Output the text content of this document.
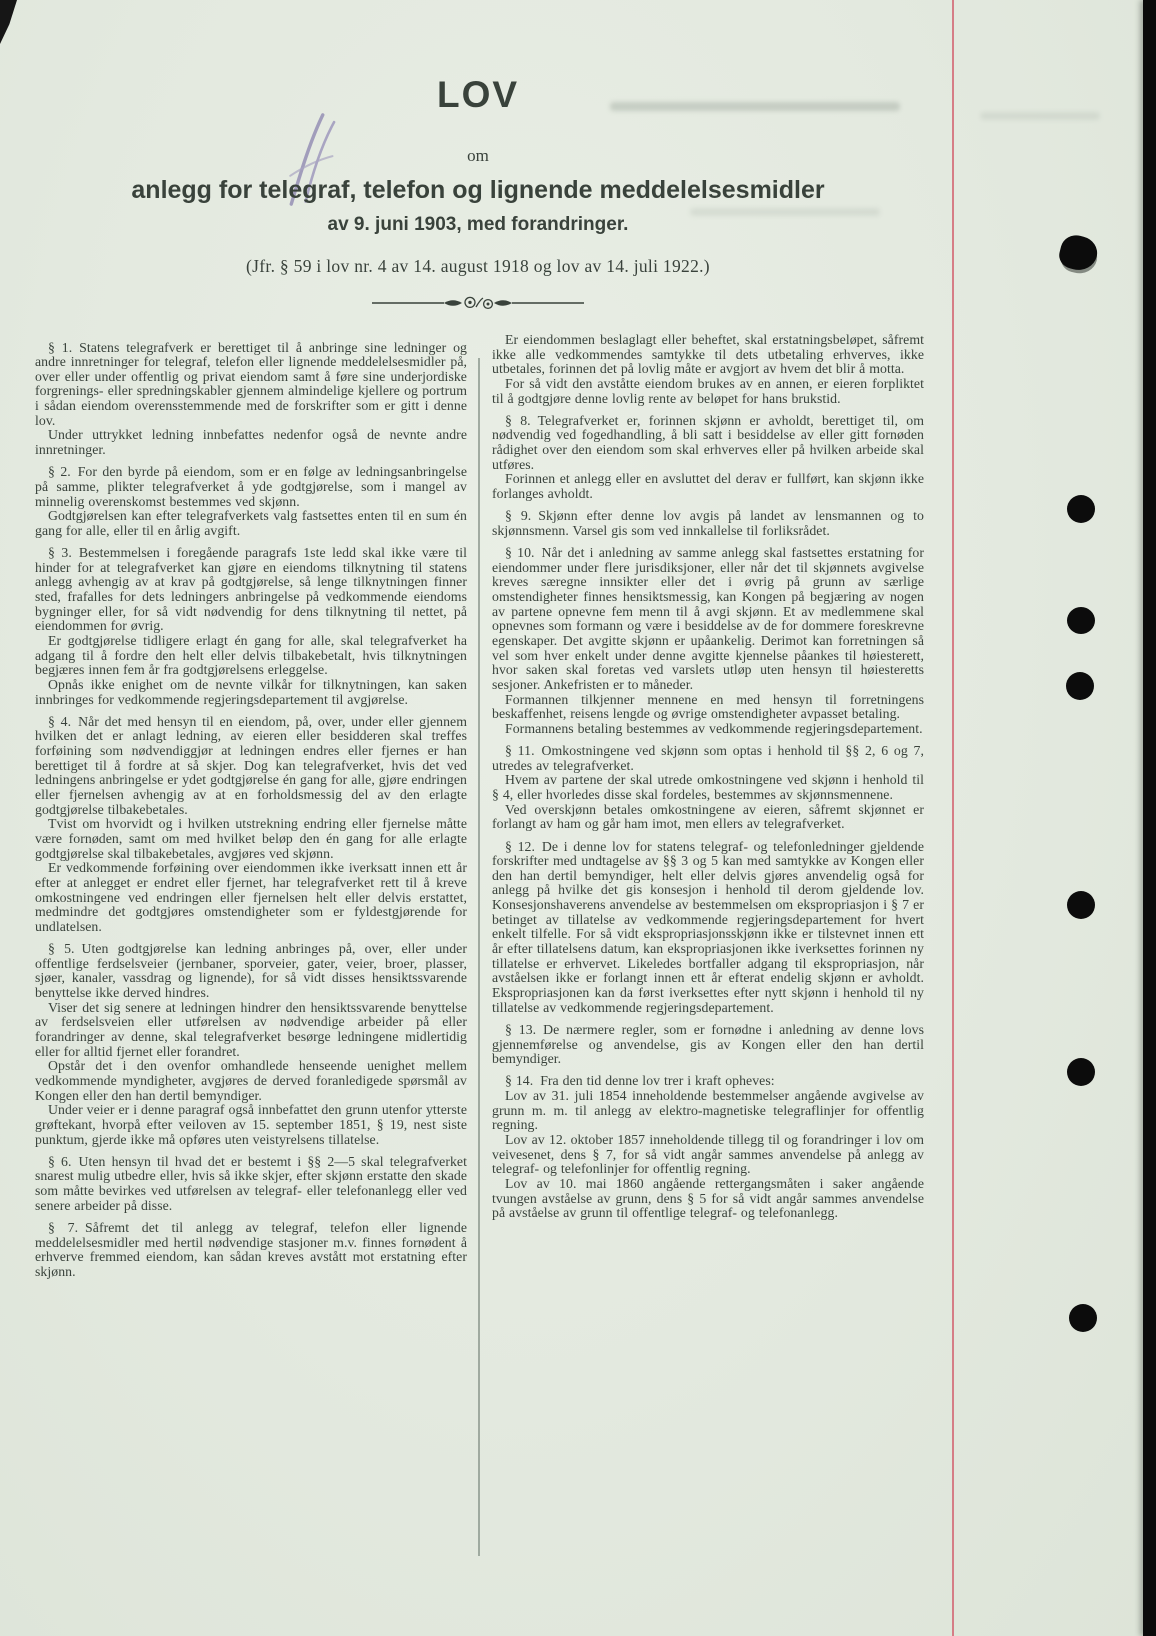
LOV

om

anlegg for telegraf, telefon og lignende meddelelsesmidler

av 9. juni 1903, med forandringer.

(Jfr. § 59 i lov nr. 4 av 14. august 1918 og lov av 14. juli 1922.)

§ 1. Statens telegrafverk er berettiget til å anbringe sine ledninger og andre innretninger for telegraf, telefon eller lignende meddelelsesmidler på, over eller under offentlig og privat eiendom samt å føre sine underjordiske forgrenings- eller spredningskabler gjennem almindelige kjellere og portrum i sådan eiendom overensstemmende med de forskrifter som er gitt i denne lov.

Under uttrykket ledning innbefattes nedenfor også de nevnte andre innretninger.

§ 2. For den byrde på eiendom, som er en følge av ledningsanbringelse på samme, plikter telegrafverket å yde godtgjørelse, som i mangel av minnelig overenskomst bestemmes ved skjønn.

Godtgjørelsen kan efter telegrafverkets valg fastsettes enten til en sum én gang for alle, eller til en årlig avgift.

§ 3. Bestemmelsen i foregående paragrafs 1ste ledd skal ikke være til hinder for at telegrafverket kan gjøre en eiendoms tilknytning til statens anlegg avhengig av at krav på godtgjørelse, så lenge tilknytningen finner sted, frafalles for dets ledningers anbringelse på vedkommende eiendoms bygninger eller, for så vidt nødvendig for dens tilknytning til nettet, på eiendommen for øvrig.

Er godtgjørelse tidligere erlagt én gang for alle, skal telegrafverket ha adgang til å fordre den helt eller delvis tilbakebetalt, hvis tilknytningen begjæres innen fem år fra godtgjørelsens erleggelse.

Opnås ikke enighet om de nevnte vilkår for tilknytningen, kan saken innbringes for vedkommende regjeringsdepartement til avgjørelse.

§ 4. Når det med hensyn til en eiendom, på, over, under eller gjennem hvilken det er anlagt ledning, av eieren eller besidderen skal treffes forføining som nødvendiggjør at ledningen endres eller fjernes er han berettiget til å fordre at så skjer. Dog kan telegrafverket, hvis det ved ledningens anbringelse er ydet godtgjørelse én gang for alle, gjøre endringen eller fjernelsen avhengig av at en forholdsmessig del av den erlagte godtgjørelse tilbakebetales.

Tvist om hvorvidt og i hvilken utstrekning endring eller fjernelse måtte være fornøden, samt om med hvilket beløp den én gang for alle erlagte godtgjørelse skal tilbakebetales, avgjøres ved skjønn.

Er vedkommende forføining over eiendommen ikke iverksatt innen ett år efter at anlegget er endret eller fjernet, har telegrafverket rett til å kreve omkostningene ved endringen eller fjernelsen helt eller delvis erstattet, medmindre det godtgjøres omstendigheter som er fyldestgjørende for undlatelsen.

§ 5. Uten godtgjørelse kan ledning anbringes på, over, eller under offentlige ferdselsveier (jernbaner, sporveier, gater, veier, broer, plasser, sjøer, kanaler, vassdrag og lignende), for så vidt disses hensiktssvarende benyttelse ikke derved hindres.

Viser det sig senere at ledningen hindrer den hensiktssvarende benyttelse av ferdselsveien eller utførelsen av nødvendige arbeider på eller forandringer av denne, skal telegrafverket besørge ledningene midlertidig eller for alltid fjernet eller forandret.

Opstår det i den ovenfor omhandlede henseende uenighet mellem vedkommende myndigheter, avgjøres de derved foranledigede spørsmål av Kongen eller den han dertil bemyndiger.

Under veier er i denne paragraf også innbefattet den grunn utenfor ytterste grøftekant, hvorpå efter veiloven av 15. september 1851, § 19, nest siste punktum, gjerde ikke må opføres uten veistyrelsens tillatelse.

§ 6. Uten hensyn til hvad det er bestemt i §§ 2—5 skal telegrafverket snarest mulig utbedre eller, hvis så ikke skjer, efter skjønn erstatte den skade som måtte bevirkes ved utførelsen av telegraf- eller telefonanlegg eller ved senere arbeider på disse.

§ 7. Såfremt det til anlegg av telegraf, telefon eller lignende meddelelsesmidler med hertil nødvendige stasjoner m.v. finnes fornødent å erhverve fremmed eiendom, kan sådan kreves avstått mot erstatning efter skjønn.

Er eiendommen beslaglagt eller beheftet, skal erstatningsbeløpet, såfremt ikke alle vedkommendes samtykke til dets utbetaling erhverves, ikke utbetales, forinnen det på lovlig måte er avgjort av hvem det blir å motta.

For så vidt den avståtte eiendom brukes av en annen, er eieren forpliktet til å godtgjøre denne lovlig rente av beløpet for hans brukstid.

§ 8. Telegrafverket er, forinnen skjønn er avholdt, berettiget til, om nødvendig ved fogedhandling, å bli satt i besiddelse av eller gitt fornøden rådighet over den eiendom som skal erhverves eller på hvilken arbeide skal utføres.

Forinnen et anlegg eller en avsluttet del derav er fullført, kan skjønn ikke forlanges avholdt.

§ 9. Skjønn efter denne lov avgis på landet av lensmannen og to skjønnsmenn. Varsel gis som ved innkallelse til forliksrådet.

§ 10. Når det i anledning av samme anlegg skal fastsettes erstatning for eiendommer under flere jurisdiksjoner, eller når det til skjønnets avgivelse kreves særegne innsikter eller det i øvrig på grunn av særlige omstendigheter finnes hensiktsmessig, kan Kongen på begjæring av nogen av partene opnevne fem menn til å avgi skjønn. Et av medlemmene skal opnevnes som formann og være i besiddelse av de for dommere foreskrevne egenskaper. Det avgitte skjønn er upåankelig. Derimot kan forretningen så vel som hver enkelt under denne avgitte kjennelse påankes til høiesterett, hvor saken skal foretas ved varslets utløp uten hensyn til høiesteretts sesjoner. Ankefristen er to måneder.

Formannen tilkjenner mennene en med hensyn til forretningens beskaffenhet, reisens lengde og øvrige omstendigheter avpasset betaling.

Formannens betaling bestemmes av vedkommende regjeringsdepartement.

§ 11. Omkostningene ved skjønn som optas i henhold til §§ 2, 6 og 7, utredes av telegrafverket.

Hvem av partene der skal utrede omkostningene ved skjønn i henhold til § 4, eller hvorledes disse skal fordeles, bestemmes av skjønnsmennene.

Ved overskjønn betales omkostningene av eieren, såfremt skjønnet er forlangt av ham og går ham imot, men ellers av telegrafverket.

§ 12. De i denne lov for statens telegraf- og telefonledninger gjeldende forskrifter med undtagelse av §§ 3 og 5 kan med samtykke av Kongen eller den han dertil bemyndiger, helt eller delvis gjøres anvendelig også for anlegg på hvilke det gis konsesjon i henhold til derom gjeldende lov. Konsesjonshaverens anvendelse av bestemmelsen om ekspropriasjon i § 7 er betinget av tillatelse av vedkommende regjeringsdepartement for hvert enkelt tilfelle. For så vidt ekspropriasjonsskjønn ikke er tilstevnet innen ett år efter tillatelsens datum, kan ekspropriasjonen ikke iverksettes forinnen ny tillatelse er erhvervet. Likeledes bortfaller adgang til ekspropriasjon, når avståelsen ikke er forlangt innen ett år efterat endelig skjønn er avholdt. Ekspropriasjonen kan da først iverksettes efter nytt skjønn i henhold til ny tillatelse av vedkommende regjeringsdepartement.

§ 13. De nærmere regler, som er fornødne i anledning av denne lovs gjennemførelse og anvendelse, gis av Kongen eller den han dertil bemyndiger.

§ 14. Fra den tid denne lov trer i kraft opheves:

Lov av 31. juli 1854 inneholdende bestemmelser angående avgivelse av grunn m. m. til anlegg av elektro-magnetiske telegraflinjer for offentlig regning.

Lov av 12. oktober 1857 inneholdende tillegg til og forandringer i lov om veivesenet, dens § 7, for så vidt angår sammes anvendelse på anlegg av telegraf- og telefonlinjer for offentlig regning.

Lov av 10. mai 1860 angående rettergangsmåten i saker angående tvungen avståelse av grunn, dens § 5 for så vidt angår sammes anvendelse på avståelse av grunn til offentlige telegraf- og telefonanlegg.
